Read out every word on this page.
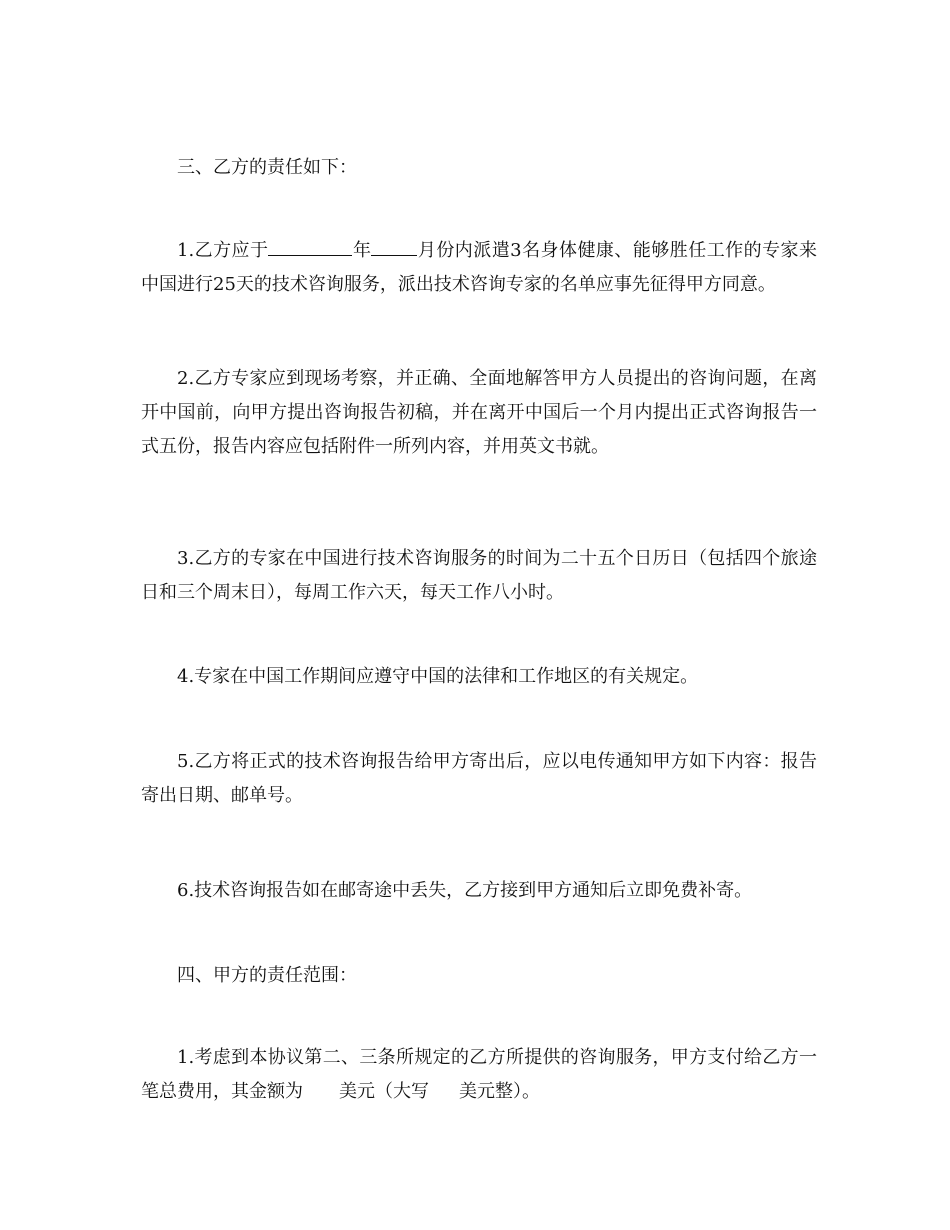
三、乙方的责任如下：

1.乙方应于	年	月份内派遣3名身体健康、能够胜任工作的专家来中国进行25天的技术咨询服务，派出技术咨询专家的名单应事先征得甲方同意。

2.乙方专家应到现场考察，并正确、全面地解答甲方人员提出的咨询问题，在离开中国前，向甲方提出咨询报告初稿，并在离开中国后一个月内提出正式咨询报告一式五份，报告内容应包括附件一所列内容，并用英文书就。

3.乙方的专家在中国进行技术咨询服务的时间为二十五个日历日（包括四个旅途日和三个周末日），每周工作六天，每天工作八小时。

4.专家在中国工作期间应遵守中国的法律和工作地区的有关规定。

5.乙方将正式的技术咨询报告给甲方寄出后，应以电传通知甲方如下内容：报告寄出日期、邮单号。

6.技术咨询报告如在邮寄途中丢失，乙方接到甲方通知后立即免费补寄。

四、甲方的责任范围：

1.考虑到本协议第二、三条所规定的乙方所提供的咨询服务，甲方支付给乙方一笔总费用，其金额为 美元（大写 美元整）。
